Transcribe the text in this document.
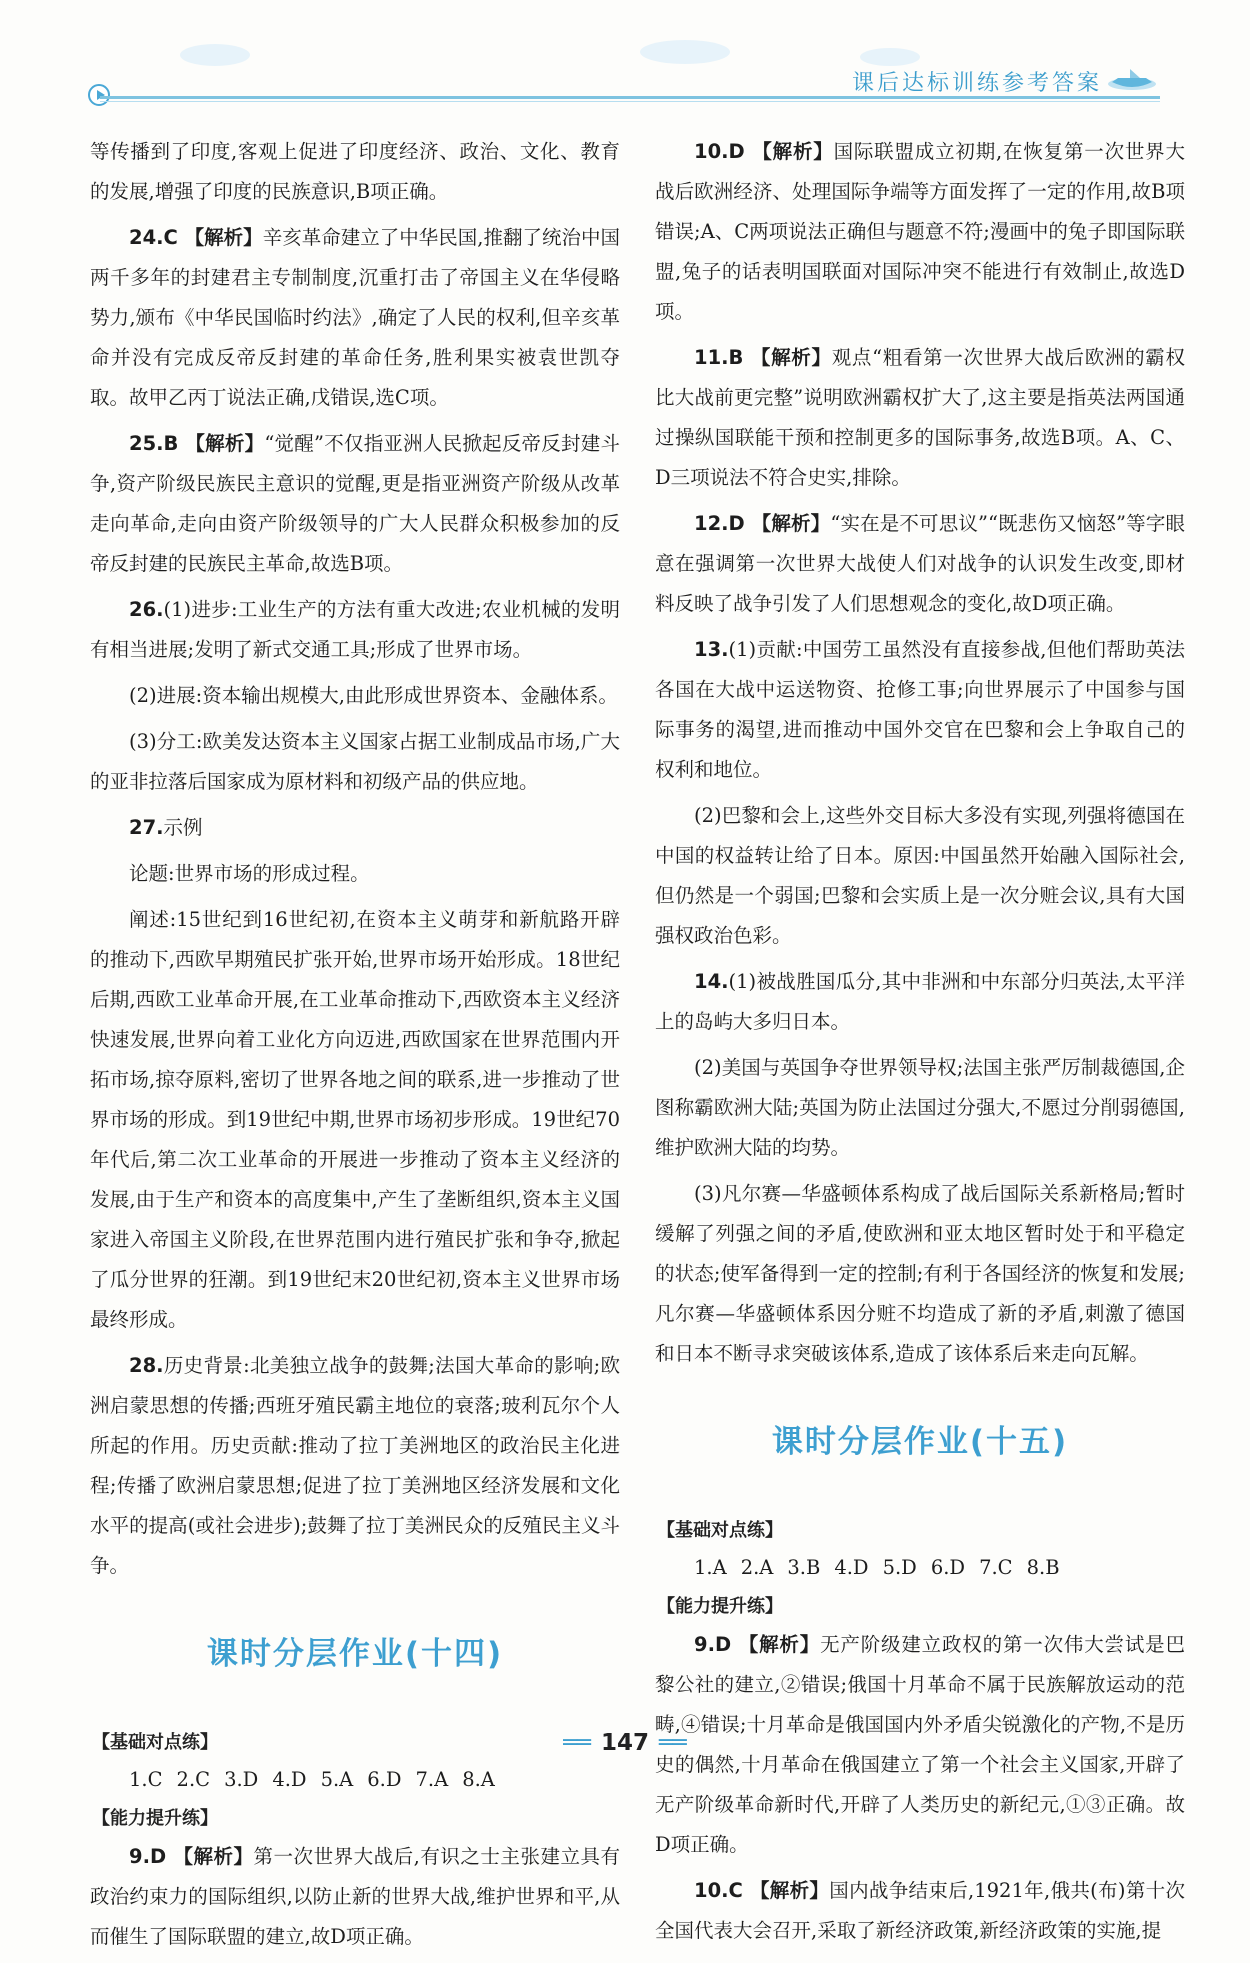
课后达标训练参考答案

等传播到了印度,客观上促进了印度经济、政治、文化、教育的发展,增强了印度的民族意识,B项正确。

24.C 【解析】辛亥革命建立了中华民国,推翻了统治中国两千多年的封建君主专制制度,沉重打击了帝国主义在华侵略势力,颁布《中华民国临时约法》,确定了人民的权利,但辛亥革命并没有完成反帝反封建的革命任务,胜利果实被袁世凯夺取。故甲乙丙丁说法正确,戊错误,选C项。

25.B 【解析】“觉醒”不仅指亚洲人民掀起反帝反封建斗争,资产阶级民族民主意识的觉醒,更是指亚洲资产阶级从改革走向革命,走向由资产阶级领导的广大人民群众积极参加的反帝反封建的民族民主革命,故选B项。

26.(1)进步:工业生产的方法有重大改进;农业机械的发明有相当进展;发明了新式交通工具;形成了世界市场。

(2)进展:资本输出规模大,由此形成世界资本、金融体系。

(3)分工:欧美发达资本主义国家占据工业制成品市场,广大的亚非拉落后国家成为原材料和初级产品的供应地。

27.示例

论题:世界市场的形成过程。

阐述:15世纪到16世纪初,在资本主义萌芽和新航路开辟的推动下,西欧早期殖民扩张开始,世界市场开始形成。18世纪后期,西欧工业革命开展,在工业革命推动下,西欧资本主义经济快速发展,世界向着工业化方向迈进,西欧国家在世界范围内开拓市场,掠夺原料,密切了世界各地之间的联系,进一步推动了世界市场的形成。到19世纪中期,世界市场初步形成。19世纪70年代后,第二次工业革命的开展进一步推动了资本主义经济的发展,由于生产和资本的高度集中,产生了垄断组织,资本主义国家进入帝国主义阶段,在世界范围内进行殖民扩张和争夺,掀起了瓜分世界的狂潮。到19世纪末20世纪初,资本主义世界市场最终形成。

28.历史背景:北美独立战争的鼓舞;法国大革命的影响;欧洲启蒙思想的传播;西班牙殖民霸主地位的衰落;玻利瓦尔个人所起的作用。历史贡献:推动了拉丁美洲地区的政治民主化进程;传播了欧洲启蒙思想;促进了拉丁美洲地区经济发展和文化水平的提高(或社会进步);鼓舞了拉丁美洲民众的反殖民主义斗争。

课时分层作业(十四)
【基础对点练】
1.C 2.C 3.D 4.D 5.A 6.D 7.A 8.A
【能力提升练】

9.D 【解析】第一次世界大战后,有识之士主张建立具有政治约束力的国际组织,以防止新的世界大战,维护世界和平,从而催生了国际联盟的建立,故D项正确。

10.D 【解析】国际联盟成立初期,在恢复第一次世界大战后欧洲经济、处理国际争端等方面发挥了一定的作用,故B项错误;A、C两项说法正确但与题意不符;漫画中的兔子即国际联盟,兔子的话表明国联面对国际冲突不能进行有效制止,故选D项。

11.B 【解析】观点“粗看第一次世界大战后欧洲的霸权比大战前更完整”说明欧洲霸权扩大了,这主要是指英法两国通过操纵国联能干预和控制更多的国际事务,故选B项。A、C、D三项说法不符合史实,排除。

12.D 【解析】“实在是不可思议”“既悲伤又恼怒”等字眼意在强调第一次世界大战使人们对战争的认识发生改变,即材料反映了战争引发了人们思想观念的变化,故D项正确。

13.(1)贡献:中国劳工虽然没有直接参战,但他们帮助英法各国在大战中运送物资、抢修工事;向世界展示了中国参与国际事务的渴望,进而推动中国外交官在巴黎和会上争取自己的权利和地位。

(2)巴黎和会上,这些外交目标大多没有实现,列强将德国在中国的权益转让给了日本。原因:中国虽然开始融入国际社会,但仍然是一个弱国;巴黎和会实质上是一次分赃会议,具有大国强权政治色彩。

14.(1)被战胜国瓜分,其中非洲和中东部分归英法,太平洋上的岛屿大多归日本。

(2)美国与英国争夺世界领导权;法国主张严厉制裁德国,企图称霸欧洲大陆;英国为防止法国过分强大,不愿过分削弱德国,维护欧洲大陆的均势。

(3)凡尔赛—华盛顿体系构成了战后国际关系新格局;暂时缓解了列强之间的矛盾,使欧洲和亚太地区暂时处于和平稳定的状态;使军备得到一定的控制;有利于各国经济的恢复和发展;凡尔赛—华盛顿体系因分赃不均造成了新的矛盾,刺激了德国和日本不断寻求突破该体系,造成了该体系后来走向瓦解。

课时分层作业(十五)
【基础对点练】
1.A 2.A 3.B 4.D 5.D 6.D 7.C 8.B
【能力提升练】

9.D 【解析】无产阶级建立政权的第一次伟大尝试是巴黎公社的建立,②错误;俄国十月革命不属于民族解放运动的范畴,④错误;十月革命是俄国国内外矛盾尖锐激化的产物,不是历史的偶然,十月革命在俄国建立了第一个社会主义国家,开辟了无产阶级革命新时代,开辟了人类历史的新纪元,①③正确。故D项正确。

10.C 【解析】国内战争结束后,1921年,俄共(布)第十次全国代表大会召开,采取了新经济政策,新经济政策的实施,提

══ 147 ══
